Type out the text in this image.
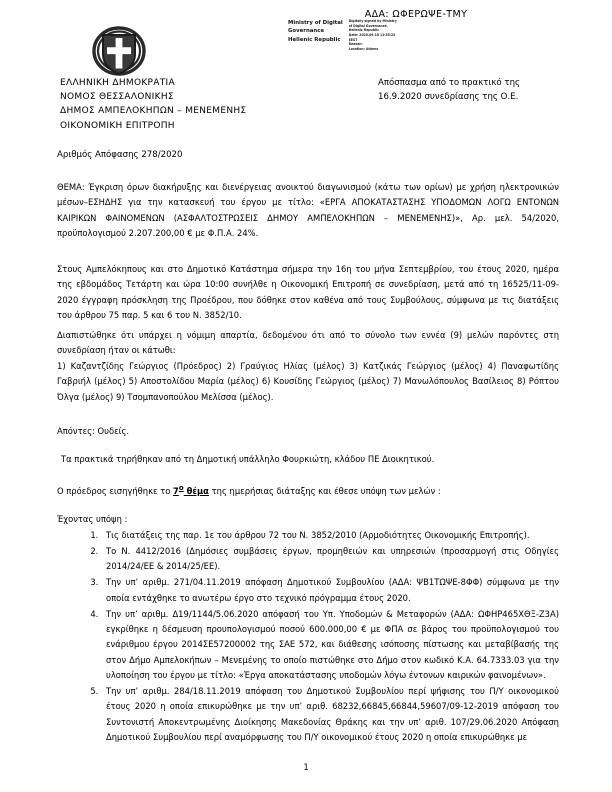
ΑΔΑ: ΩΦΕΡΩΨΕ-ΤΜΥ
Ministry of Digital
Governance
Hellenic Republic
Digitally signed by Ministry
of Digital Governance,
Hellenic Republic
Date: 2020.09.18 11:35:22
EEST
Reason:
Location: Athens
ΕΛΛΗΝΙΚΗ ΔΗΜΟΚΡΑΤΙΑ
ΝΟΜΟΣ ΘΕΣΣΑΛΟΝΙΚΗΣ
ΔΗΜΟΣ ΑΜΠΕΛΟΚΗΠΩΝ – ΜΕΝΕΜΕΝΗΣ
ΟΙΚΟΝΟΜΙΚΗ ΕΠΙΤΡΟΠΗ
Απόσπασμα από το πρακτικό της
16.9.2020 συνεδρίασης της Ο.Ε.
Αριθμός Απόφασης 278/2020
ΘΕΜΑ: Έγκριση όρων διακήρυξης και διενέργειας ανοικτού διαγωνισμού (κάτω των ορίων) με χρήση ηλεκτρονικών μέσων–ΕΣΗΔΗΣ για την κατασκευή του έργου με τίτλο: «ΕΡΓΑ ΑΠΟΚΑΤΑΣΤΑΣΗΣ ΥΠΟΔΟΜΩΝ ΛΟΓΩ ΕΝΤΟΝΩΝ ΚΑΙΡΙΚΩΝ ΦΑΙΝΟΜΕΝΩΝ (ΑΣΦΑΛΤΟΣΤΡΩΣΕΙΣ ΔΗΜΟΥ ΑΜΠΕΛΟΚΗΠΩΝ – ΜΕΝΕΜΕΝΗΣ)», Αρ. μελ. 54/2020, προϋπολογισμού 2.207.200,00 € με Φ.Π.Α. 24%.
Στους Αμπελόκηπους και στο Δημοτικό Κατάστημα σήμερα την 16η του μήνα Σεπτεμβρίου, του έτους 2020, ημέρα της εβδομάδος Τετάρτη και ώρα 10:00 συνήλθε η Οικονομική Επιτροπή σε συνεδρίαση, μετά από τη 16525/11-09-2020 έγγραφη πρόσκληση της Προέδρου, που δόθηκε στον καθένα από τους Συμβούλους, σύμφωνα με τις διατάξεις του άρθρου 75 παρ. 5 και 6 του Ν. 3852/10.
Διαπιστώθηκε ότι υπάρχει η νόμιμη απαρτία, δεδομένου ότι από το σύνολο των εννέα (9) μελών παρόντες στη συνεδρίαση ήταν οι κάτωθι:
1) Καζαντζίδης Γεώργιος (Πρόεδρος) 2) Γραύγιος Ηλίας (μέλος) 3) Κατζικάς Γεώργιος (μέλος) 4) Παναφωτίδης Γαβριήλ (μέλος) 5) Αποστολίδου Μαρία (μέλος) 6) Κουσίδης Γεώργιος (μέλος) 7) Μανωλόπουλος Βασίλειος 8) Ρόπτου Όλγα (μέλος) 9) Τσομπανοπούλου Μελίσσα (μέλος).
Απόντες: Ουδείς.
Τα πρακτικά τηρήθηκαν από τη Δημοτική υπάλληλο Φουρκιώτη, κλάδου ΠΕ Διοικητικού.
Ο πρόεδρος εισηγήθηκε το $7^o$ θέμα της ημερήσιας διάταξης και έθεσε υπόψη των μελών :
Έχοντας υπόψη :
1. Τις διατάξεις της παρ. 1ε του άρθρου 72 του Ν. 3852/2010 (Αρμοδιότητες Οικονομικής Επιτροπής).
2. Το Ν. 4412/2016 (Δημόσιες συμβάσεις έργων, προμηθειών και υπηρεσιών (προσαρμογή στις Οδηγίες 2014/24/ΕΕ & 2014/25/ΕΕ).
3. Την υπ’ αριθμ. 271/04.11.2019 απόφαση Δημοτικού Συμβουλίου (ΑΔΑ: ΨΒ1ΤΩΨΕ-8ΦΦ) σύμφωνα με την οποία εντάχθηκε το ανωτέρω έργο στο τεχνικό πρόγραμμα έτους 2020.
4. Την υπ’ αριθμ. Δ19/1144/5.06.2020 απόφασή του Υπ. Υποδομών & Μεταφορών (ΑΔΑ: ΩΦΗΡ465ΧΘΞ-Ζ3Α) εγκρίθηκε η δέσμευση προυπολογισμού ποσού 600.000,00 € με ΦΠΑ σε βάρος του προϋπολογισμού του ενάριθμου έργου 2014ΣΕ57200002 της ΣΑΕ 572, και διάθεσης ισόποσης πίστωσης και μεταβίβασής της στον Δήμο Αμπελοκήπων – Μενεμένης το οποίο πιστώθηκε στο Δήμο στον κωδικό Κ.Α. 64.7333.03 για την υλοποίηση του έργου με τίτλο: «Έργα αποκατάστασης υποδομών λόγω έντονων καιρικών φαινομένων».
5. Την υπ’ αριθμ. 284/18.11.2019 απόφαση του Δημοτικού Συμβουλίου περί ψήφισης του Π/Υ οικονομικού έτους 2020 η οποία επικυρώθηκε με την υπ’ αριθ. 68232,66845,66844,59607/09-12-2019 απόφαση του Συντονιστή Αποκεντρωμένης Διοίκησης Μακεδονίας Θράκης και την υπ’ αριθ. 107/29.06.2020 Απόφαση Δημοτικού Συμβουλίου περί αναμόρφωσης του Π/Υ οικονομικού έτους 2020 η οποία επικυρώθηκε με
1
